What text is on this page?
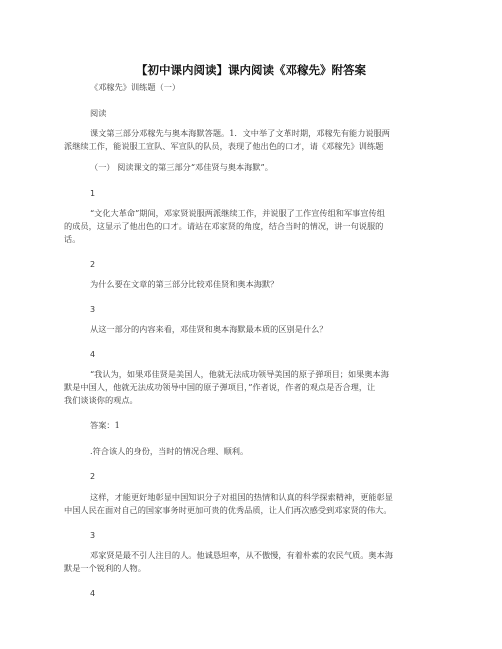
【初中课内阅读】课内阅读《邓稼先》附答案
《邓稼先》训练题（一）
阅读
课文第三部分邓稼先与奥本海默答题。1．文中举了文革时期，邓稼先有能力说服两
派继续工作，能说服工宣队、军宣队的队员，表现了他出色的口才，请《邓稼先》训练题
（一） 阅读课文的第三部分“邓佳贤与奥本海默”。
1
“文化大革命”期间，邓家贤说服两派继续工作，并说服了工作宣传组和军事宣传组
的成员，这显示了他出色的口才。请站在邓家贤的角度，结合当时的情况，讲一句说服的
话。
2
为什么要在文章的第三部分比较邓佳贤和奥本海默？
3
从这一部分的内容来看，邓佳贤和奥本海默最本质的区别是什么？
4
“我认为，如果邓佳贤是美国人，他就无法成功领导美国的原子弹项目；如果奥本海
默是中国人，他就无法成功领导中国的原子弹项目，”作者说，作者的观点是否合理，让
我们谈谈你的观点。
答案：1
.符合该人的身份，当时的情况合理、顺利。
2
这样，才能更好地彰显中国知识分子对祖国的热情和认真的科学探索精神，更能彰显
中国人民在面对自己的国家事务时更加可贵的优秀品质，让人们再次感受到邓家贤的伟大。
3
邓家贤是最不引人注目的人。他诚恳坦率，从不傲慢，有着朴素的农民气质。奥本海
默是一个锐利的人物。
4
